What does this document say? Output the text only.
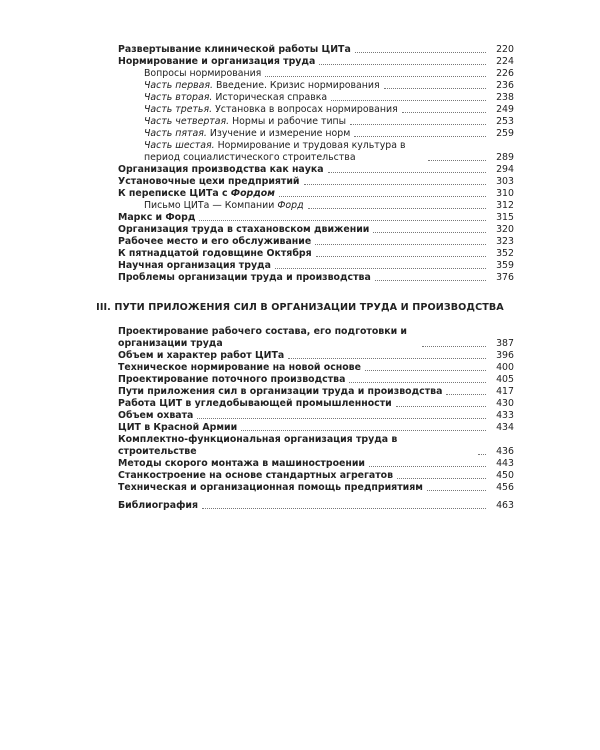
Развертывание клинической работы ЦИТа	220
Нормирование и организация труда	224
Вопросы нормирования	226
Часть первая. Введение. Кризис нормирования	236
Часть вторая. Историческая справка	238
Часть третья. Установка в вопросах нормирования	249
Часть четвертая. Нормы и рабочие типы	253
Часть пятая. Изучение и измерение норм	259
Часть шестая. Нормирование и трудовая культура в период социалистического строительства	289
Организация производства как наука	294
Установочные цехи предприятий	303
К переписке ЦИТа с Фордом	310
Письмо ЦИТа — Компании Форд	312
Маркс и Форд	315
Организация труда в стахановском движении	320
Рабочее место и его обслуживание	323
К пятнадцатой годовщине Октября	352
Научная организация труда	359
Проблемы организации труда и производства	376
III. ПУТИ ПРИЛОЖЕНИЯ СИЛ В ОРГАНИЗАЦИИ ТРУДА И ПРОИЗВОДСТВА
Проектирование рабочего состава, его подготовки и организации труда	387
Объем и характер работ ЦИТа	396
Техническое нормирование на новой основе	400
Проектирование поточного производства	405
Пути приложения сил в организации труда и производства	417
Работа ЦИТ в угледобывающей промышленности	430
Объем охвата	433
ЦИТ в Красной Армии	434
Комплектно-функциональная организация труда в строительстве	436
Методы скорого монтажа в машиностроении	443
Станкостроение на основе стандартных агрегатов	450
Техническая и организационная помощь предприятиям	456
Библиография	463
